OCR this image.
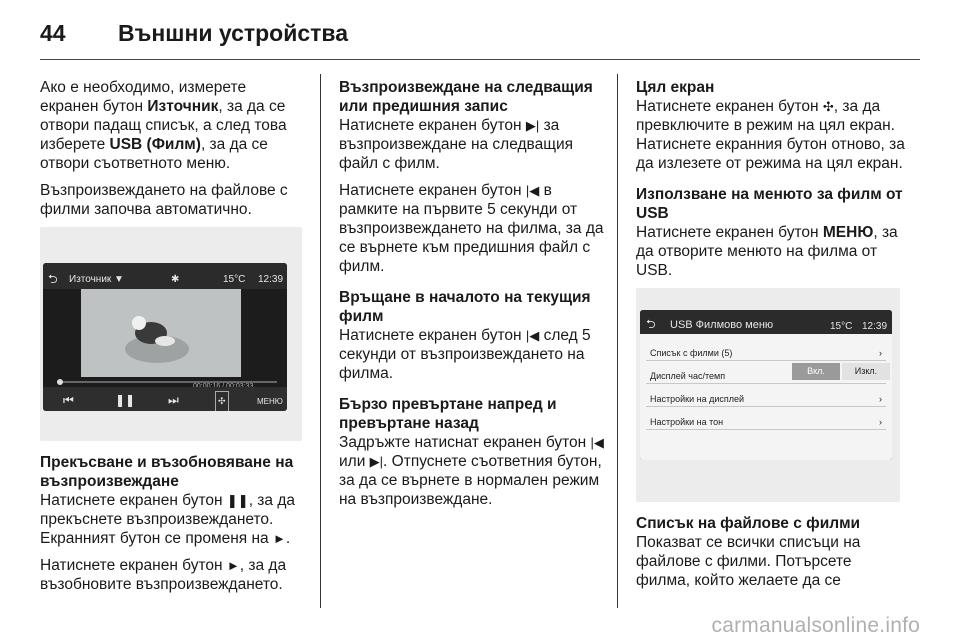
44 Външни устройства

Ако е необходимо, измерете екранен бутон Източник, за да се отвори падащ списък, а след това изберете USB (Филм), за да се отвори съответното меню.

Възпроизвеждането на файлове с филми започва автоматично.

⮌ Източник ▼	✱	15°C 12:39
⏮	❚❚	⏭	✣	МЕНЮ
Прекъсване и възобновяване на възпроизвеждане

Натиснете екранен бутон ❚❚, за да прекъснете възпроизвеждането. Екранният бутон се променя на ►.

Натиснете екранен бутон ►, за да възобновите възпроизвеждането.

Възпроизвеждане на следващия или предишния запис

Натиснете екранен бутон ▶| за възпроизвеждане на следващия файл с филм.

Натиснете екранен бутон |◀ в рамките на първите 5 секунди от възпроизвеждането на филма, за да се върнете към предишния файл с филм.

Връщане в началото на текущия филм

Натиснете екранен бутон |◀ след 5 секунди от възпроизвеждането на филма.

Бързо превъртане напред и превъртане назад

Задръжте натиснат екранен бутон |◀ или ▶|. Отпуснете съответния бутон, за да се върнете в нормален режим на възпроизвеждане.

Цял екран

Натиснете екранен бутон ✣, за да превключите в режим на цял екран. Натиснете екранния бутон отново, за да излезете от режима на цял екран.

Използване на менюто за филм от USB

Натиснете екранен бутон МЕНЮ, за да отворите менюто на филма от USB.

⮌ USB Филмово меню	15°C 12:39
Списък с филми (5)	›
Дисплей час/темп	Вкл.	Изкл.
Настройки на дисплей	›
Настройки на тон	›
Списък на файлове с филми

Показват се всички списъци на файлове с филми. Потърсете филма, който желаете да се

carmanualsonline.info
